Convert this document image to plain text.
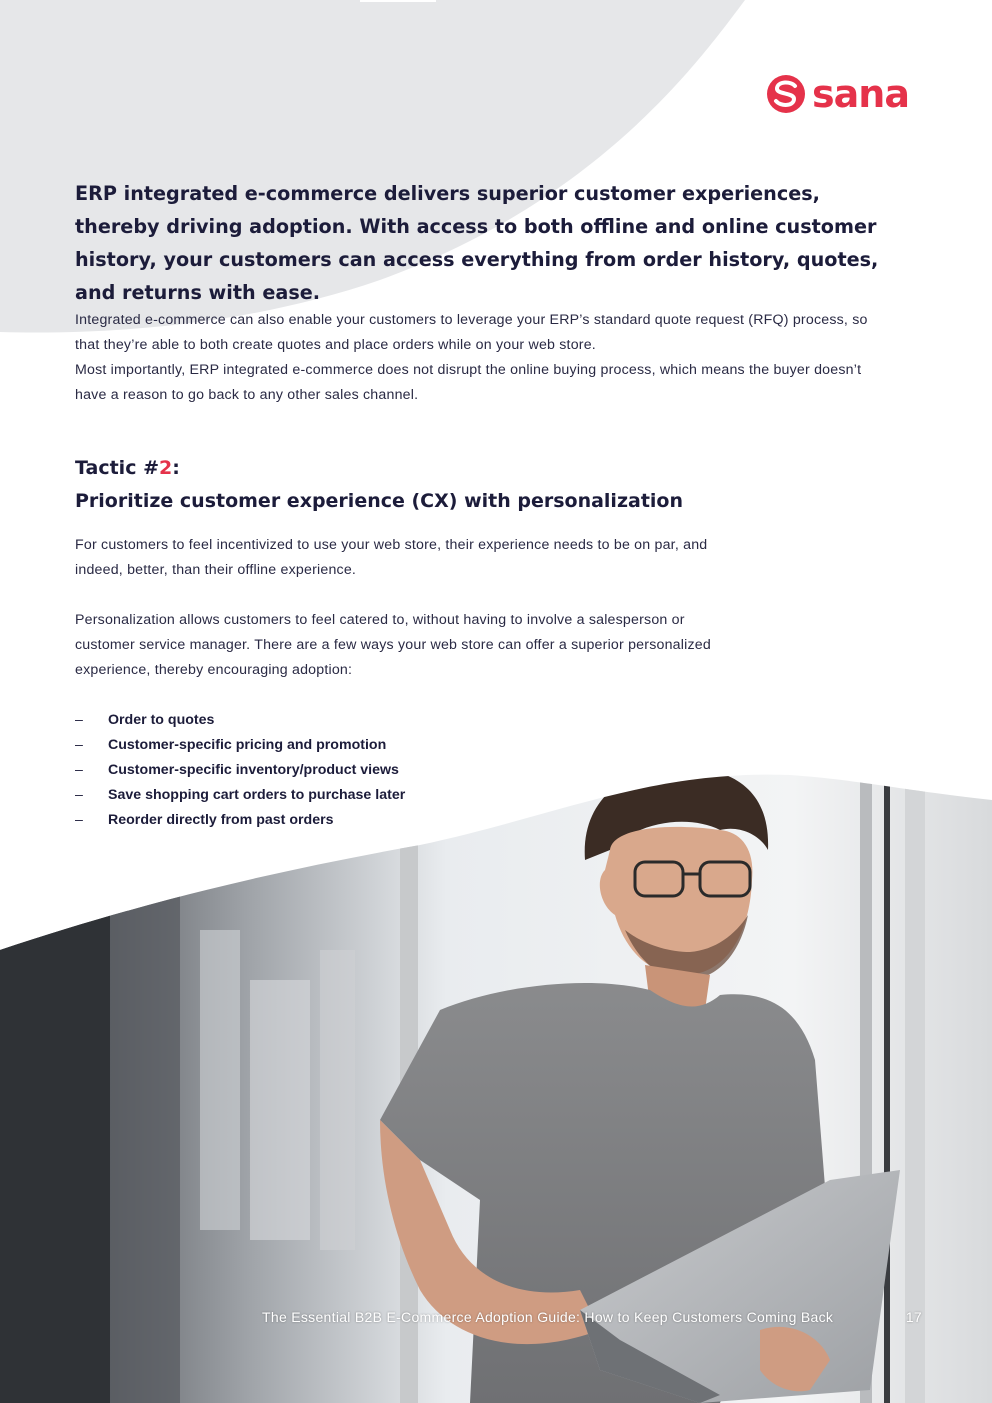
sana

ERP integrated e-commerce delivers superior customer experiences, thereby driving adoption. With access to both offline and online customer history, your customers can access everything from order history, quotes, and returns with ease.

Integrated e-commerce can also enable your customers to leverage your ERP’s standard quote request (RFQ) process, so that they’re able to both create quotes and place orders while on your web store.
Most importantly, ERP integrated e-commerce does not disrupt the online buying process, which means the buyer doesn’t have a reason to go back to any other sales channel.
Tactic #2:
Prioritize customer experience (CX) with personalization

For customers to feel incentivized to use your web store, their experience needs to be on par, and indeed, better, than their offline experience.

Personalization allows customers to feel catered to, without having to involve a salesperson or customer service manager. There are a few ways your web store can offer a superior personalized experience, thereby encouraging adoption:

–	Order to quotes
–	Customer-specific pricing and promotion
–	Customer-specific inventory/product views
–	Save shopping cart orders to purchase later
–	Reorder directly from past orders
The Essential B2B E-Commerce Adoption Guide: How to Keep Customers Coming Back	17
